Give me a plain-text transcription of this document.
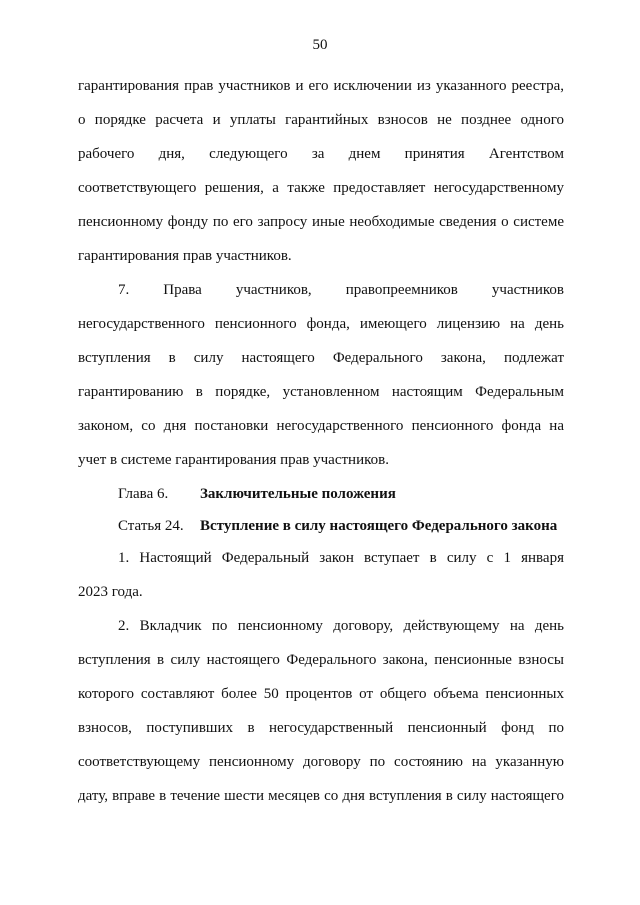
50
гарантирования прав участников и его исключении из указанного реестра,
о порядке расчета и уплаты гарантийных взносов не позднее одного
рабочего дня, следующего за днем принятия Агентством
соответствующего решения, а также предоставляет негосударственному
пенсионному фонду по его запросу иные необходимые сведения о системе
гарантирования прав участников.
7. Права участников, правопреемников участников
негосударственного пенсионного фонда, имеющего лицензию на день
вступления в силу настоящего Федерального закона, подлежат
гарантированию в порядке, установленном настоящим Федеральным
законом, со дня постановки негосударственного пенсионного фонда на
учет в системе гарантирования прав участников.
Глава 6. Заключительные положения
Статья 24. Вступление в силу настоящего Федерального закона
1. Настоящий Федеральный закон вступает в силу с 1 января
2023 года.
2. Вкладчик по пенсионному договору, действующему на день
вступления в силу настоящего Федерального закона, пенсионные взносы
которого составляют более 50 процентов от общего объема пенсионных
взносов, поступивших в негосударственный пенсионный фонд по
соответствующему пенсионному договору по состоянию на указанную
дату, вправе в течение шести месяцев со дня вступления в силу настоящего
